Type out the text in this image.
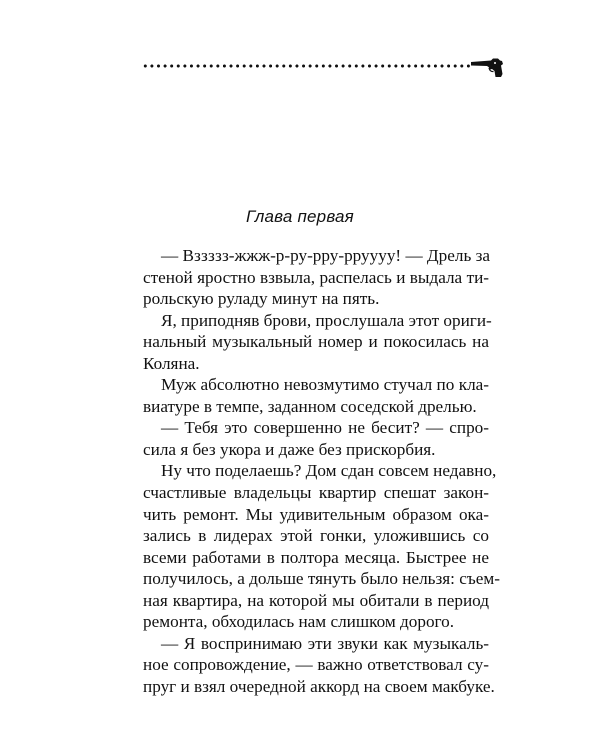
Глава первая
— Вззззз-жжж-р-ру-рру-рруууу! — Дрель за
стеной яростно взвыла, распелась и выдала ти-
рольскую руладу минут на пять.
Я, приподняв брови, прослушала этот ориги-
нальный музыкальный номер и покосилась на
Коляна.
Муж абсолютно невозмутимо стучал по кла-
виатуре в темпе, заданном соседской дрелью.
— Тебя это совершенно не бесит? — спро-
сила я без укора и даже без прискорбия.
Ну что поделаешь? Дом сдан совсем недавно,
счастливые владельцы квартир спешат закон-
чить ремонт. Мы удивительным образом ока-
зались в лидерах этой гонки, уложившись со
всеми работами в полтора месяца. Быстрее не
получилось, а дольше тянуть было нельзя: съем-
ная квартира, на которой мы обитали в период
ремонта, обходилась нам слишком дорого.
— Я воспринимаю эти звуки как музыкаль-
ное сопровождение, — важно ответствовал су-
пруг и взял очередной аккорд на своем макбуке.
